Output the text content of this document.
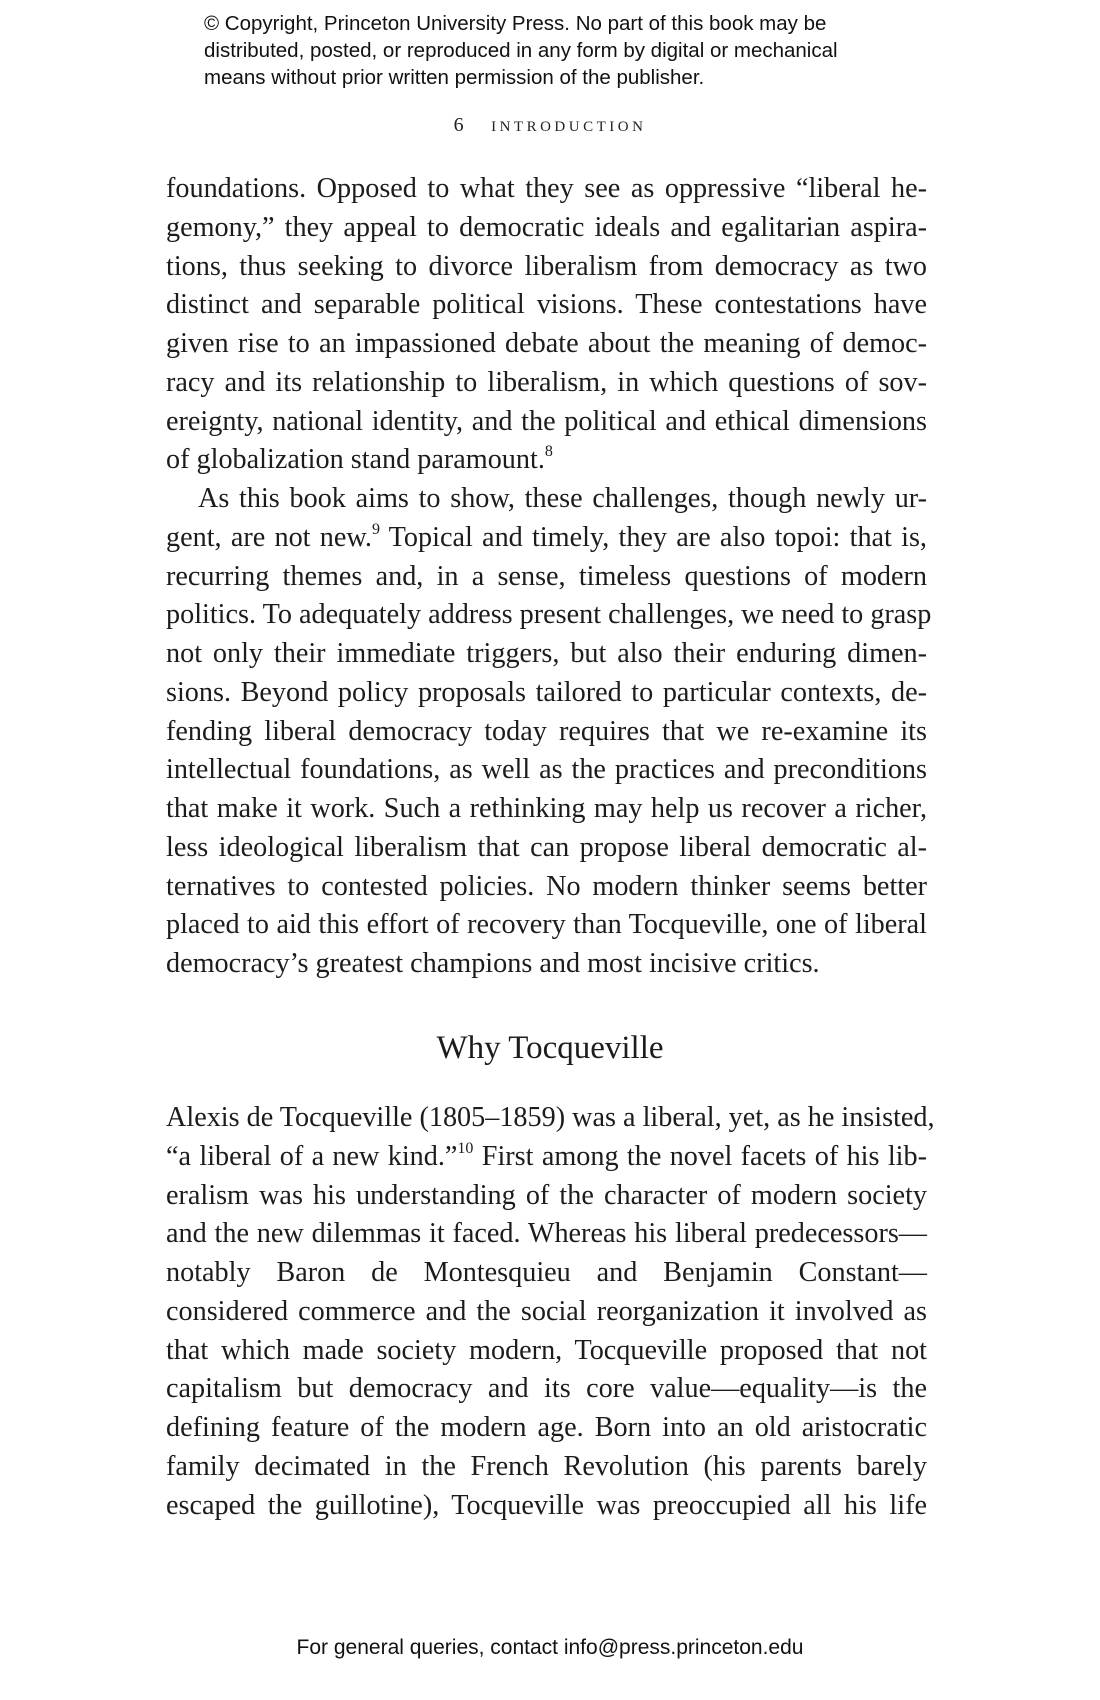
© Copyright, Princeton University Press. No part of this book may be
distributed, posted, or reproduced in any form by digital or mechanical
means without prior written permission of the publisher.
6 introduction
foundations. Opposed to what they see as oppressive “liberal he-
gemony,” they appeal to democratic ideals and egalitarian aspira-
tions, thus seeking to divorce liberalism from democracy as two
distinct and separable political visions. These contestations have
given rise to an impassioned debate about the meaning of democ-
racy and its relationship to liberalism, in which questions of sov-
ereignty, national identity, and the political and ethical dimensions
of globalization stand paramount.$^8$
As this book aims to show, these challenges, though newly ur-
gent, are not new.$^9$ Topical and timely, they are also topoi: that is,
recurring themes and, in a sense, timeless questions of modern
politics. To adequately address present challenges, we need to grasp
not only their immediate triggers, but also their enduring dimen-
sions. Beyond policy proposals tailored to particular contexts, de-
fending liberal democracy today requires that we re-examine its
intellectual foundations, as well as the practices and preconditions
that make it work. Such a rethinking may help us recover a richer,
less ideological liberalism that can propose liberal democratic al-
ternatives to contested policies. No modern thinker seems better
placed to aid this effort of recovery than Tocqueville, one of liberal
democracy’s greatest champions and most incisive critics.
Why Tocqueville
Alexis de Tocqueville (1805–1859) was a liberal, yet, as he insisted,
“a liberal of a new kind.”$^{10}$ First among the novel facets of his lib-
eralism was his understanding of the character of modern society
and the new dilemmas it faced. Whereas his liberal predecessors—
notably Baron de Montesquieu and Benjamin Constant—
considered commerce and the social reorganization it involved as
that which made society modern, Tocqueville proposed that not
capitalism but democracy and its core value—equality—is the
defining feature of the modern age. Born into an old aristocratic
family decimated in the French Revolution (his parents barely
escaped the guillotine), Tocqueville was preoccupied all his life
For general queries, contact info@press.princeton.edu
